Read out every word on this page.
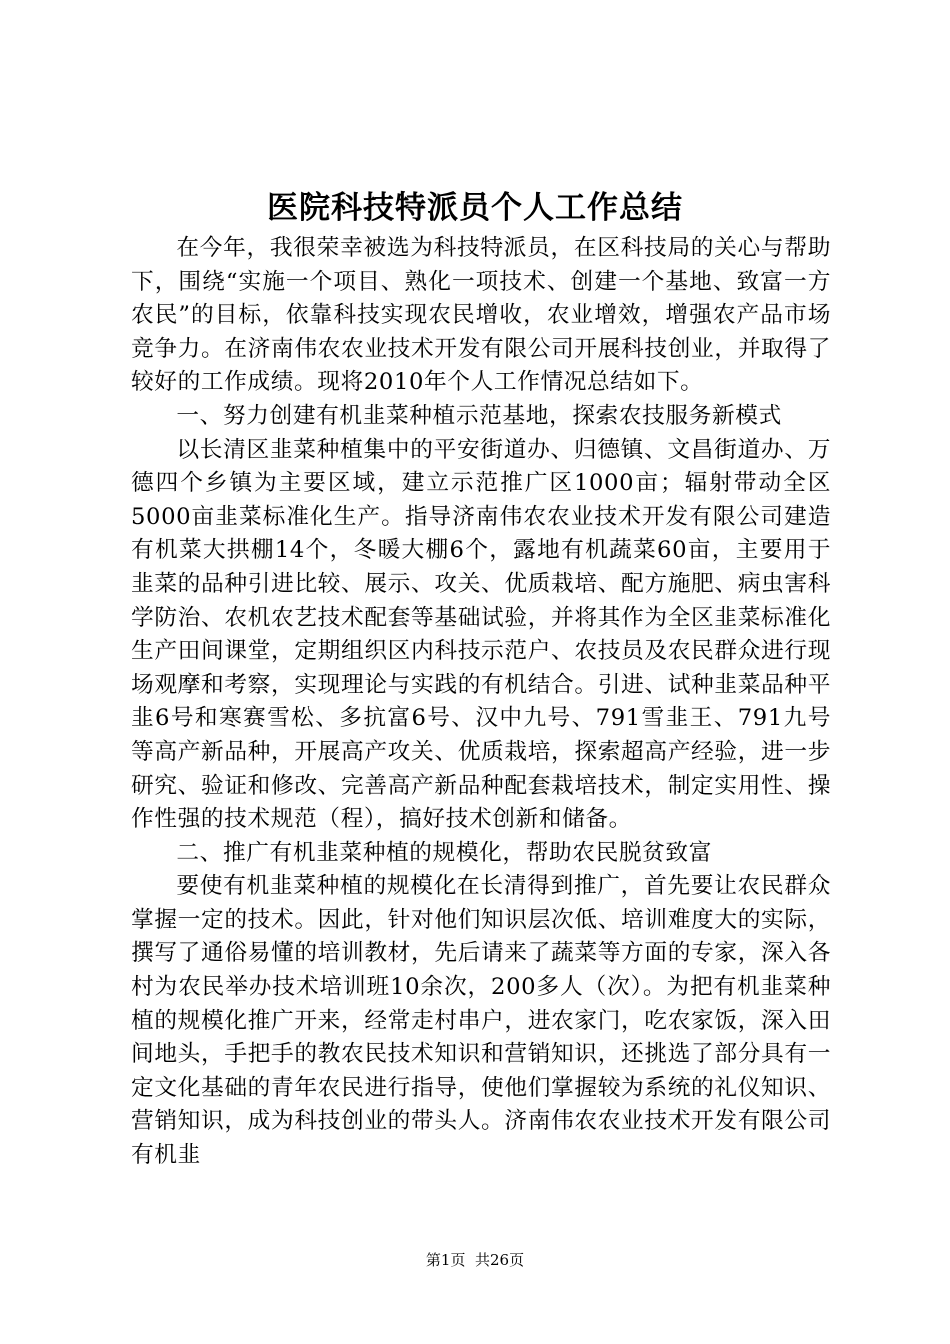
医院科技特派员个人工作总结

在今年，我很荣幸被选为科技特派员，在区科技局的关心与帮助下，围绕“实施一个项目、熟化一项技术、创建一个基地、致富一方农民”的目标，依靠科技实现农民增收，农业增效，增强农产品市场竞争力。在济南伟农农业技术开发有限公司开展科技创业，并取得了较好的工作成绩。现将2010年个人工作情况总结如下。

一、努力创建有机韭菜种植示范基地，探索农技服务新模式

以长清区韭菜种植集中的平安街道办、归德镇、文昌街道办、万德四个乡镇为主要区域，建立示范推广区1000亩；辐射带动全区5000亩韭菜标准化生产。指导济南伟农农业技术开发有限公司建造有机菜大拱棚14个，冬暖大棚6个，露地有机蔬菜60亩，主要用于韭菜的品种引进比较、展示、攻关、优质栽培、配方施肥、病虫害科学防治、农机农艺技术配套等基础试验，并将其作为全区韭菜标准化生产田间课堂，定期组织区内科技示范户、农技员及农民群众进行现场观摩和考察，实现理论与实践的有机结合。引进、试种韭菜品种平韭6号和寒赛雪松、多抗富6号、汉中九号、791雪韭王、791九号等高产新品种，开展高产攻关、优质栽培，探索超高产经验，进一步研究、验证和修改、完善高产新品种配套栽培技术，制定实用性、操作性强的技术规范（程），搞好技术创新和储备。

二、推广有机韭菜种植的规模化，帮助农民脱贫致富

要使有机韭菜种植的规模化在长清得到推广，首先要让农民群众掌握一定的技术。因此，针对他们知识层次低、培训难度大的实际，撰写了通俗易懂的培训教材，先后请来了蔬菜等方面的专家，深入各村为农民举办技术培训班10余次，200多人（次）。为把有机韭菜种植的规模化推广开来，经常走村串户，进农家门，吃农家饭，深入田间地头，手把手的教农民技术知识和营销知识，还挑选了部分具有一定文化基础的青年农民进行指导，使他们掌握较为系统的礼仪知识、营销知识，成为科技创业的带头人。济南伟农农业技术开发有限公司有机韭

第1页  共26页
